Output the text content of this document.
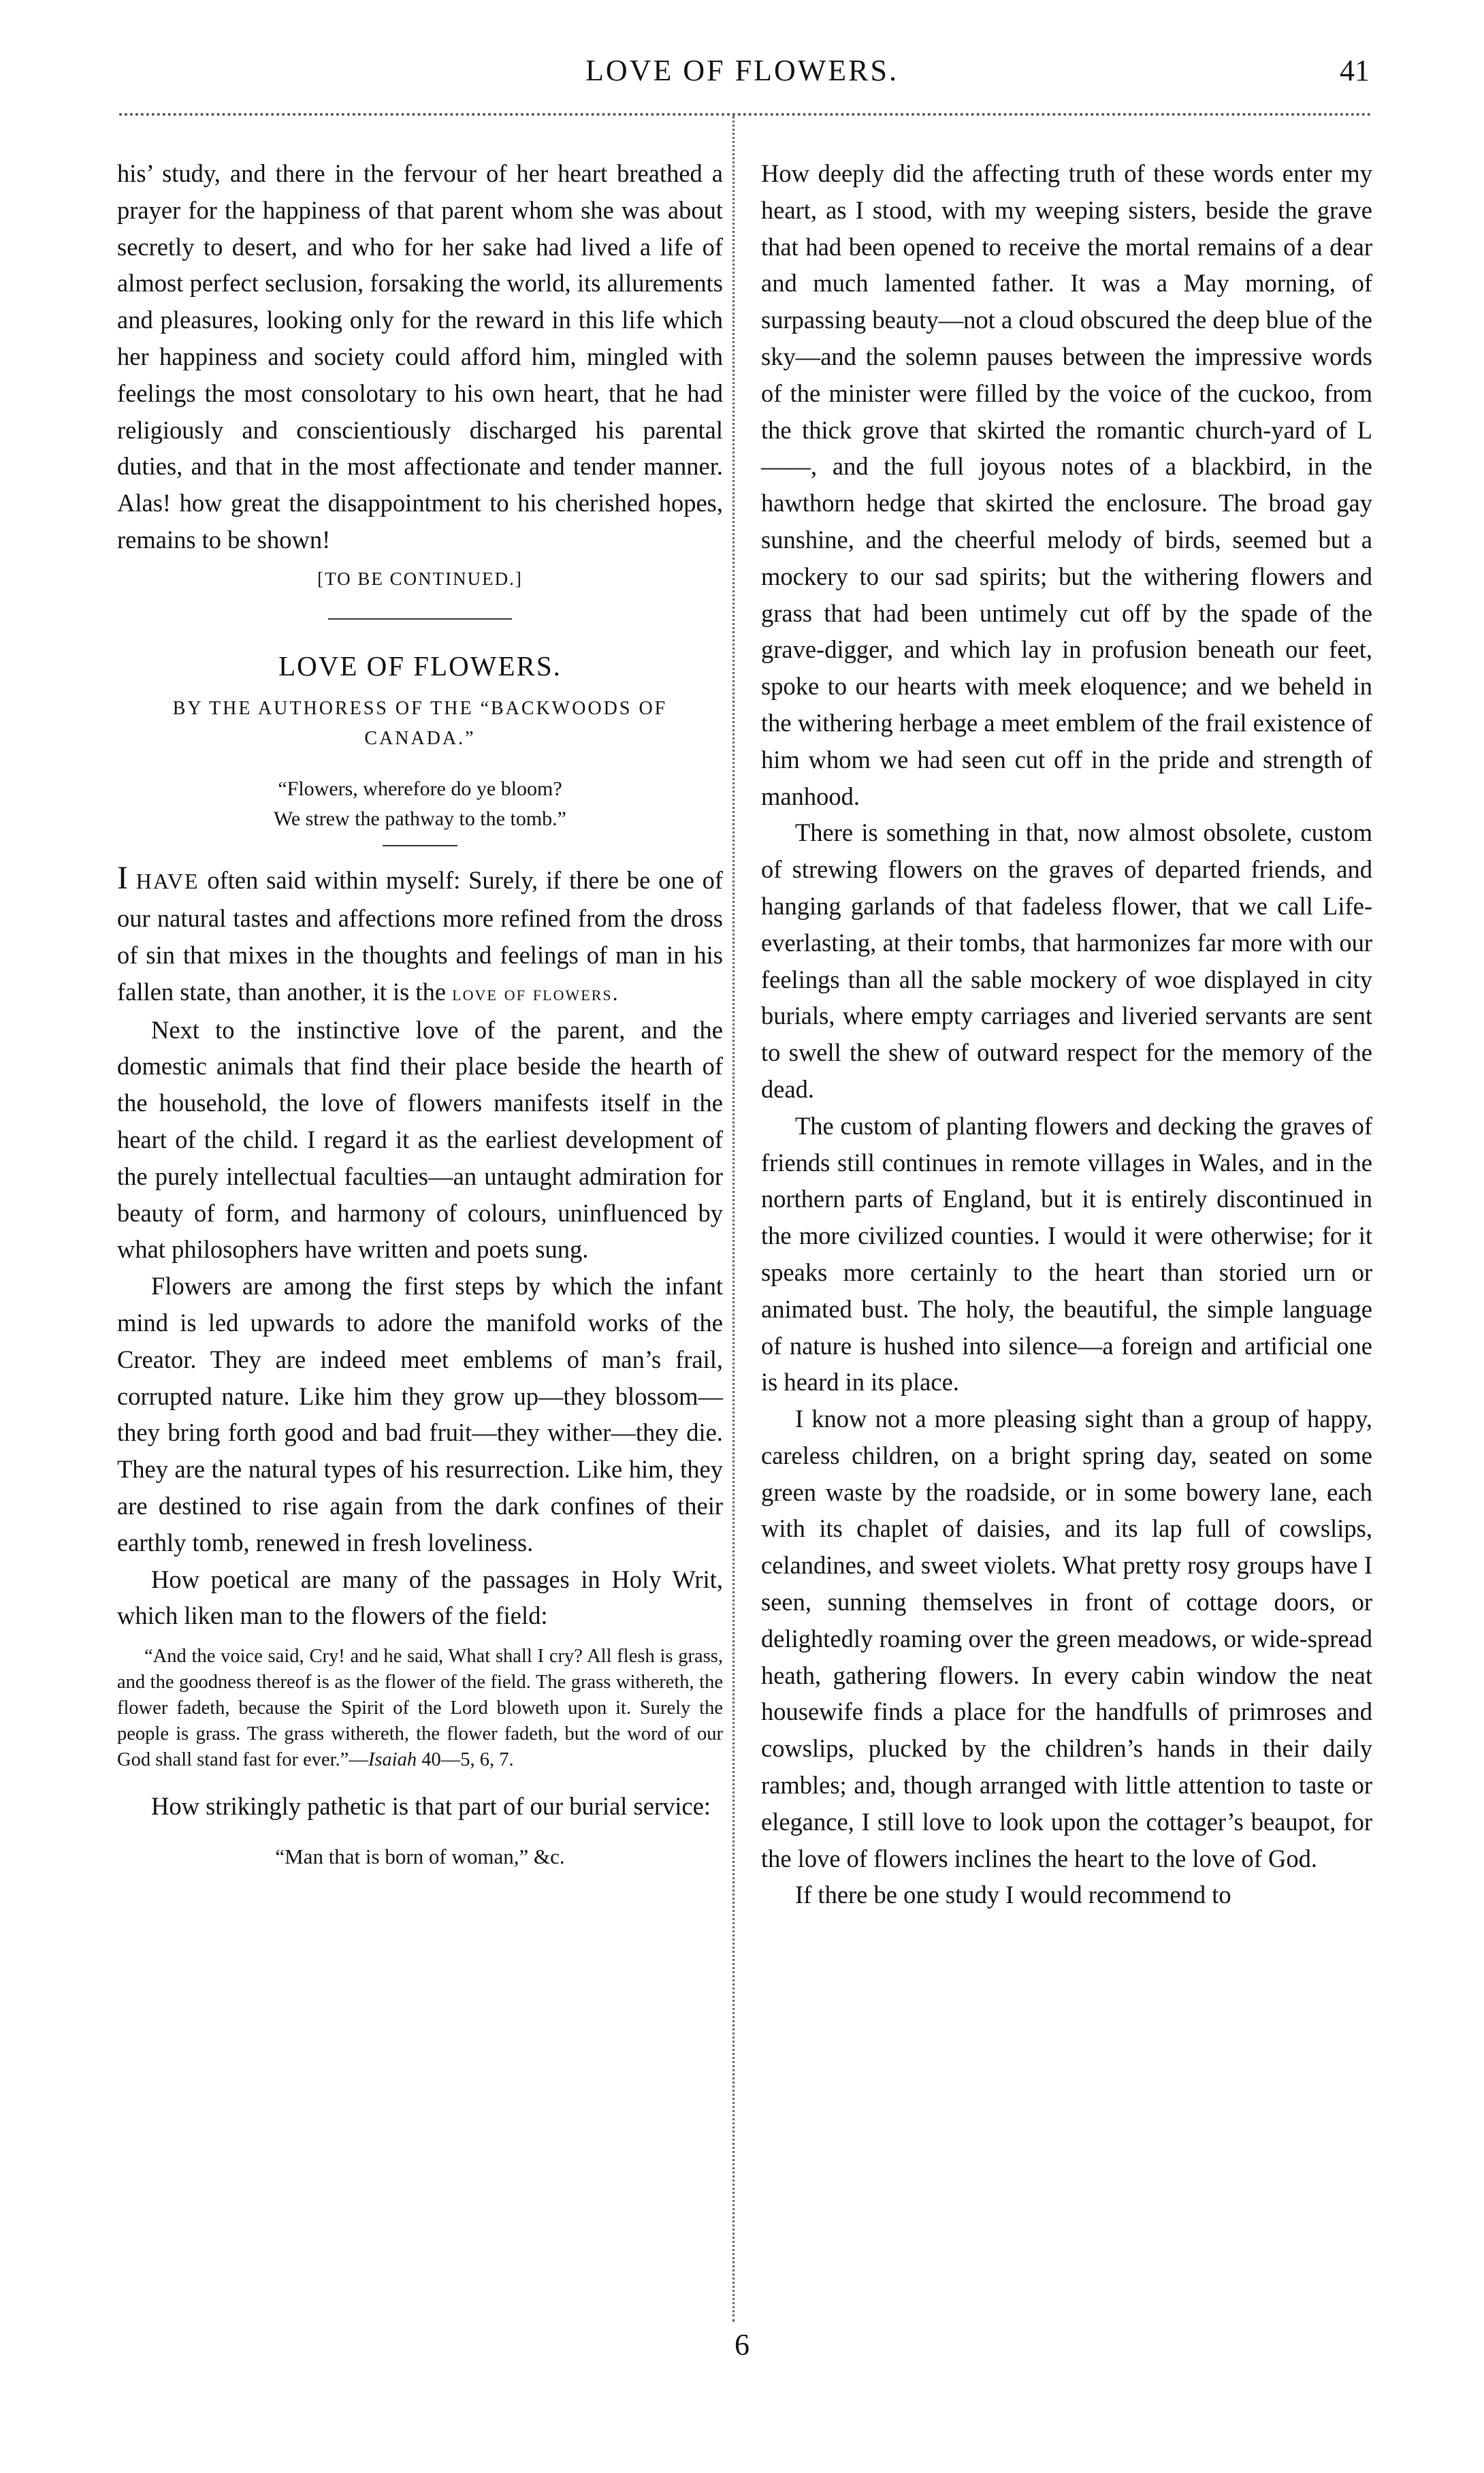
LOVE OF FLOWERS.	41

his’ study, and there in the fervour of her heart breathed a prayer for the happiness of that parent whom she was about secretly to desert, and who for her sake had lived a life of almost perfect seclusion, forsaking the world, its allurements and pleasures, looking only for the reward in this life which her happiness and society could afford him, mingled with feelings the most consolotary to his own heart, that he had religiously and conscientiously discharged his parental duties, and that in the most affectionate and tender manner. Alas! how great the disappointment to his cherished hopes, remains to be shown!

[TO BE CONTINUED.]
LOVE OF FLOWERS.
BY THE AUTHORESS OF THE “BACKWOODS OF CANADA.”
“Flowers, wherefore do ye bloom?
We strew the pathway to the tomb.”

I HAVE often said within myself: Surely, if there be one of our natural tastes and affections more refined from the dross of sin that mixes in the thoughts and feelings of man in his fallen state, than another, it is the love of flowers.

Next to the instinctive love of the parent, and the domestic animals that find their place beside the hearth of the household, the love of flowers manifests itself in the heart of the child. I regard it as the earliest development of the purely intellectual faculties—an untaught admiration for beauty of form, and harmony of colours, uninfluenced by what philosophers have written and poets sung.

Flowers are among the first steps by which the infant mind is led upwards to adore the manifold works of the Creator. They are indeed meet emblems of man’s frail, corrupted nature. Like him they grow up—they blossom—they bring forth good and bad fruit—they wither—they die. They are the natural types of his resurrection. Like him, they are destined to rise again from the dark confines of their earthly tomb, renewed in fresh loveliness.

How poetical are many of the passages in Holy Writ, which liken man to the flowers of the field:

“And the voice said, Cry! and he said, What shall I cry? All flesh is grass, and the goodness thereof is as the flower of the field. The grass withereth, the flower fadeth, because the Spirit of the Lord bloweth upon it. Surely the people is grass. The grass withereth, the flower fadeth, but the word of our God shall stand fast for ever.”—Isaiah 40—5, 6, 7.

How strikingly pathetic is that part of our burial service:

“Man that is born of woman,” &c.

How deeply did the affecting truth of these words enter my heart, as I stood, with my weeping sisters, beside the grave that had been opened to receive the mortal remains of a dear and much lamented father. It was a May morning, of surpassing beauty—not a cloud obscured the deep blue of the sky—and the solemn pauses between the impressive words of the minister were filled by the voice of the cuckoo, from the thick grove that skirted the romantic church-yard of L——, and the full joyous notes of a blackbird, in the hawthorn hedge that skirted the enclosure. The broad gay sunshine, and the cheerful melody of birds, seemed but a mockery to our sad spirits; but the withering flowers and grass that had been untimely cut off by the spade of the grave-digger, and which lay in profusion beneath our feet, spoke to our hearts with meek eloquence; and we beheld in the withering herbage a meet emblem of the frail existence of him whom we had seen cut off in the pride and strength of manhood.

There is something in that, now almost obsolete, custom of strewing flowers on the graves of departed friends, and hanging garlands of that fadeless flower, that we call Life-everlasting, at their tombs, that harmonizes far more with our feelings than all the sable mockery of woe displayed in city burials, where empty carriages and liveried servants are sent to swell the shew of outward respect for the memory of the dead.

The custom of planting flowers and decking the graves of friends still continues in remote villages in Wales, and in the northern parts of England, but it is entirely discontinued in the more civilized counties. I would it were otherwise; for it speaks more certainly to the heart than storied urn or animated bust. The holy, the beautiful, the simple language of nature is hushed into silence—a foreign and artificial one is heard in its place.

I know not a more pleasing sight than a group of happy, careless children, on a bright spring day, seated on some green waste by the roadside, or in some bowery lane, each with its chaplet of daisies, and its lap full of cowslips, celandines, and sweet violets. What pretty rosy groups have I seen, sunning themselves in front of cottage doors, or delightedly roaming over the green meadows, or wide-spread heath, gathering flowers. In every cabin window the neat housewife finds a place for the handfulls of primroses and cowslips, plucked by the children’s hands in their daily rambles; and, though arranged with little attention to taste or elegance, I still love to look upon the cottager’s beaupot, for the love of flowers inclines the heart to the love of God.

If there be one study I would recommend to

6
